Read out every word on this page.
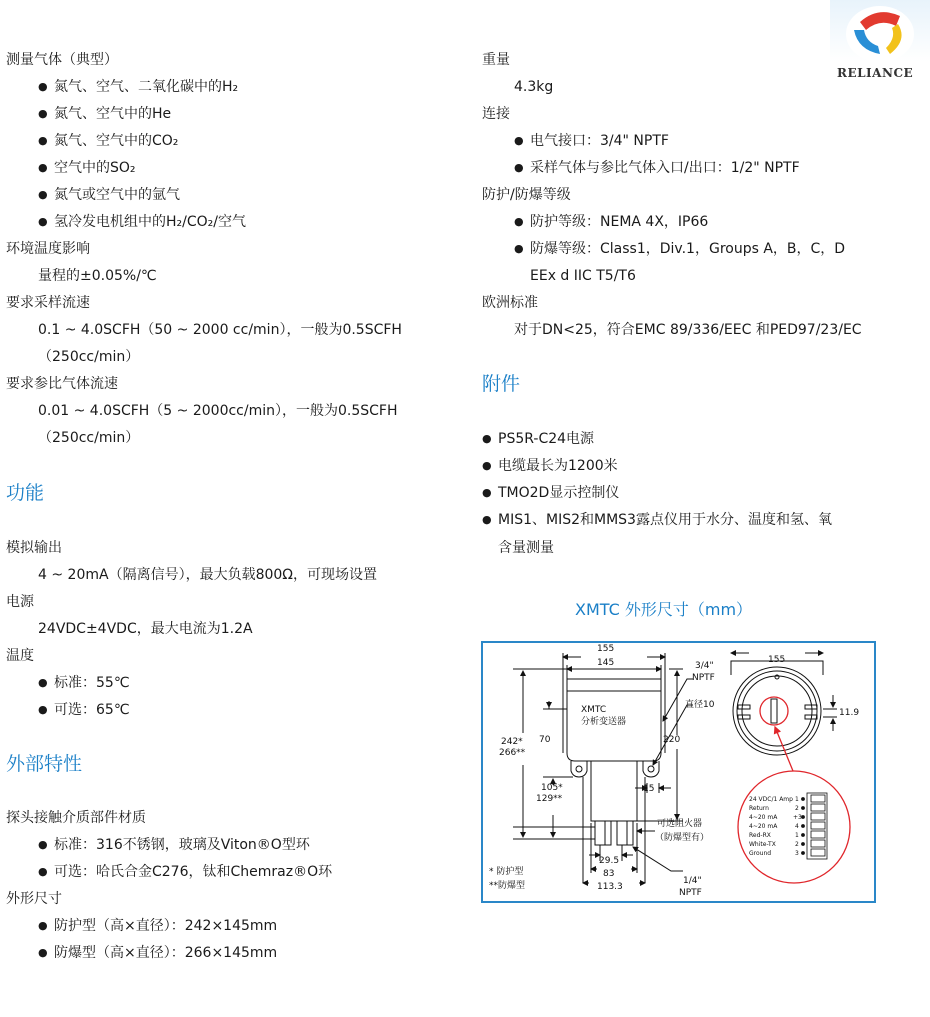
RELIANCE
测量气体（典型）
● 氮气、空气、二氧化碳中的H₂
● 氮气、空气中的He
● 氮气、空气中的CO₂
● 空气中的SO₂
● 氮气或空气中的氩气
● 氢冷发电机组中的H₂/CO₂/空气
环境温度影响
量程的±0.05%/℃
要求采样流速
0.1 ~ 4.0SCFH（50 ~ 2000 cc/min），一般为0.5SCFH
（250cc/min）
要求参比气体流速
0.01 ~ 4.0SCFH（5 ~ 2000cc/min），一般为0.5SCFH
（250cc/min）
功能
模拟输出
4 ~ 20mA（隔离信号），最大负载800Ω，可现场设置
电源
24VDC±4VDC，最大电流为1.2A
温度
● 标准：55℃
● 可选：65℃
外部特性
探头接触介质部件材质
● 标准：316不锈钢，玻璃及Viton®O型环
● 可选：哈氏合金C276，钛和Chemraz®O环
外形尺寸
● 防护型（高×直径）：242×145mm
● 防爆型（高×直径）：266×145mm
重量
4.3kg
连接
● 电气接口：3/4" NPTF
● 采样气体与参比气体入口/出口：1/2" NPTF
防护/防爆等级
● 防护等级：NEMA 4X，IP66
● 防爆等级：Class1，Div.1，Groups A，B，C，D
EEx d IIC T5/T6
欧洲标准
对于DN<25，符合EMC 89/336/EEC 和PED97/23/EC
附件
● PS5R-C24电源
● 电缆最长为1200米
● TMO2D显示控制仪
● MIS1、MIS2和MMS3露点仪用于水分、温度和氢、氧
含量测量
XMTC 外形尺寸（mm）
155
145	3/4"
NPTF
直径10
XMTC
分析变送器
242*
266**
70	220
105*
129**
15
可选阻火器
（防爆型有）
29.5
83
113.3
1/4"
NPTF
* 防护型
**防爆型
155
11.9
24 VDC/1 Amp
Return
4~20 mA
4~20 mA
Red-RX
White-TX
Ground
1
2
+3
4
1
2
3
